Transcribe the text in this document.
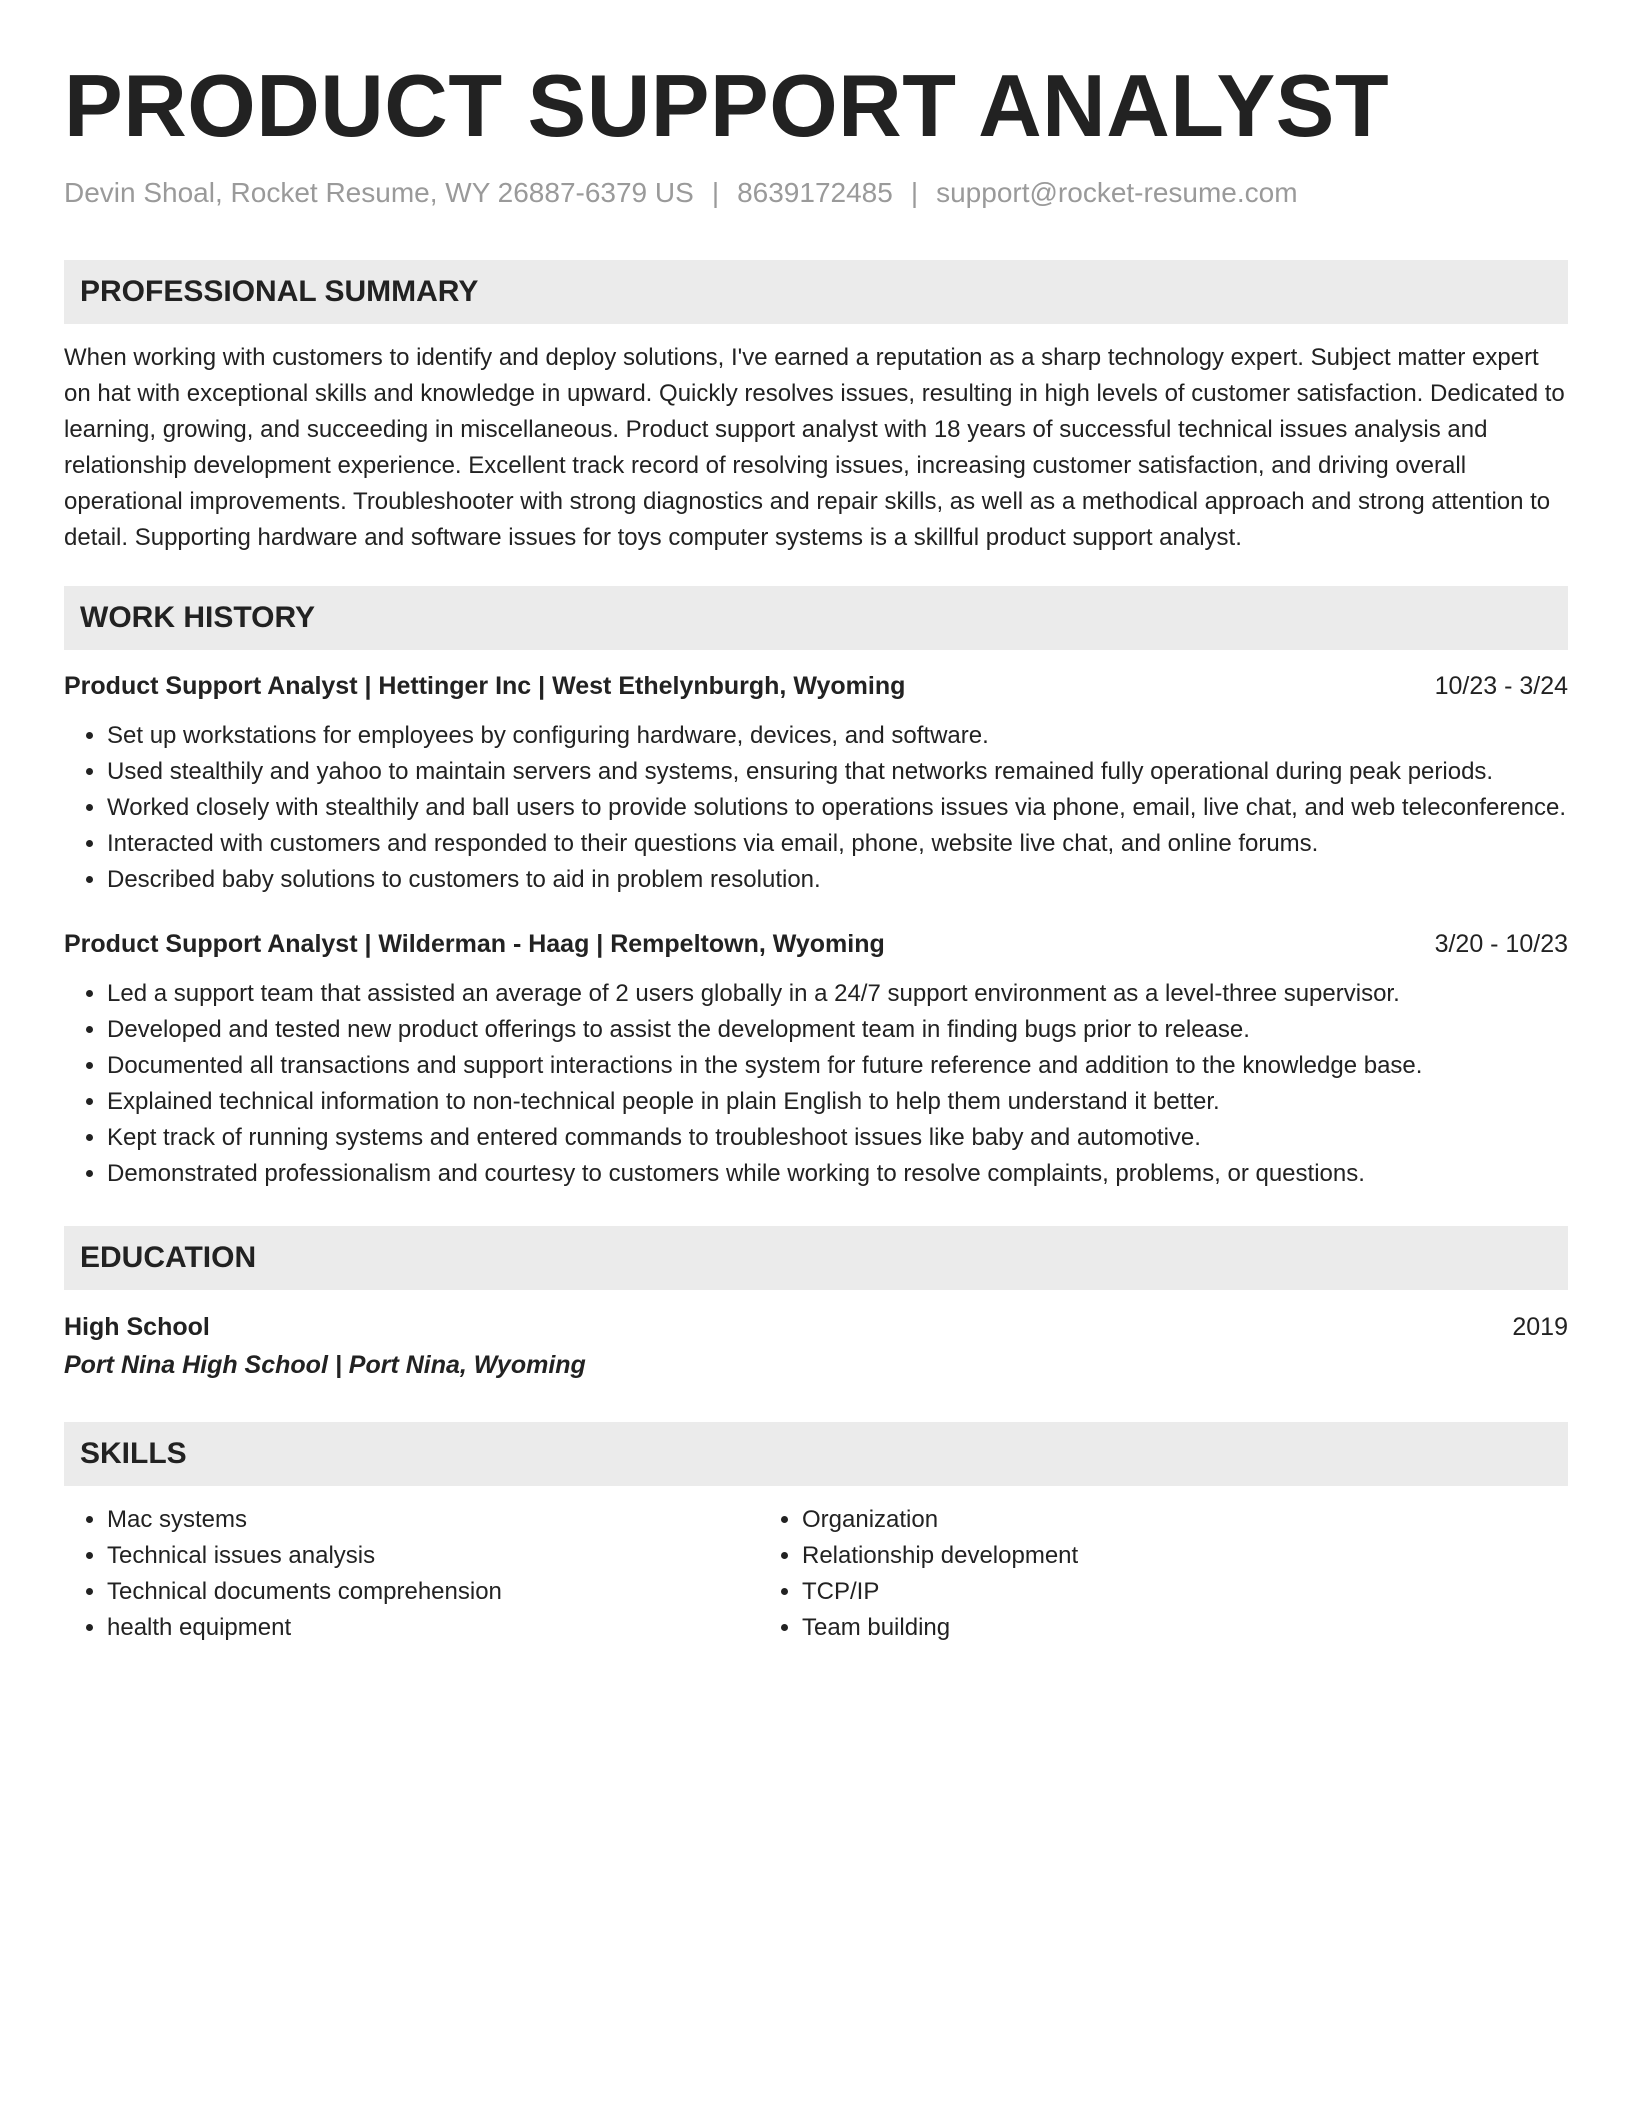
PRODUCT SUPPORT ANALYST
Devin Shoal, Rocket Resume, WY 26887-6379 US | 8639172485 | support@rocket-resume.com
PROFESSIONAL SUMMARY

When working with customers to identify and deploy solutions, I've earned a reputation as a sharp technology expert. Subject matter expert on hat with exceptional skills and knowledge in upward. Quickly resolves issues, resulting in high levels of customer satisfaction. Dedicated to learning, growing, and succeeding in miscellaneous. Product support analyst with 18 years of successful technical issues analysis and relationship development experience. Excellent track record of resolving issues, increasing customer satisfaction, and driving overall operational improvements. Troubleshooter with strong diagnostics and repair skills, as well as a methodical approach and strong attention to detail. Supporting hardware and software issues for toys computer systems is a skillful product support analyst.

WORK HISTORY
Product Support Analyst | Hettinger Inc | West Ethelynburgh, Wyoming	10/23 - 3/24
• Set up workstations for employees by configuring hardware, devices, and software.
• Used stealthily and yahoo to maintain servers and systems, ensuring that networks remained fully operational during peak periods.
• Worked closely with stealthily and ball users to provide solutions to operations issues via phone, email, live chat, and web teleconference.
• Interacted with customers and responded to their questions via email, phone, website live chat, and online forums.
• Described baby solutions to customers to aid in problem resolution.
Product Support Analyst | Wilderman - Haag | Rempeltown, Wyoming	3/20 - 10/23
• Led a support team that assisted an average of 2 users globally in a 24/7 support environment as a level-three supervisor.
• Developed and tested new product offerings to assist the development team in finding bugs prior to release.
• Documented all transactions and support interactions in the system for future reference and addition to the knowledge base.
• Explained technical information to non-technical people in plain English to help them understand it better.
• Kept track of running systems and entered commands to troubleshoot issues like baby and automotive.
• Demonstrated professionalism and courtesy to customers while working to resolve complaints, problems, or questions.
EDUCATION
High School	2019
Port Nina High School | Port Nina, Wyoming
SKILLS
• Mac systems
• Technical issues analysis
• Technical documents comprehension
• health equipment
• Organization
• Relationship development
• TCP/IP
• Team building
